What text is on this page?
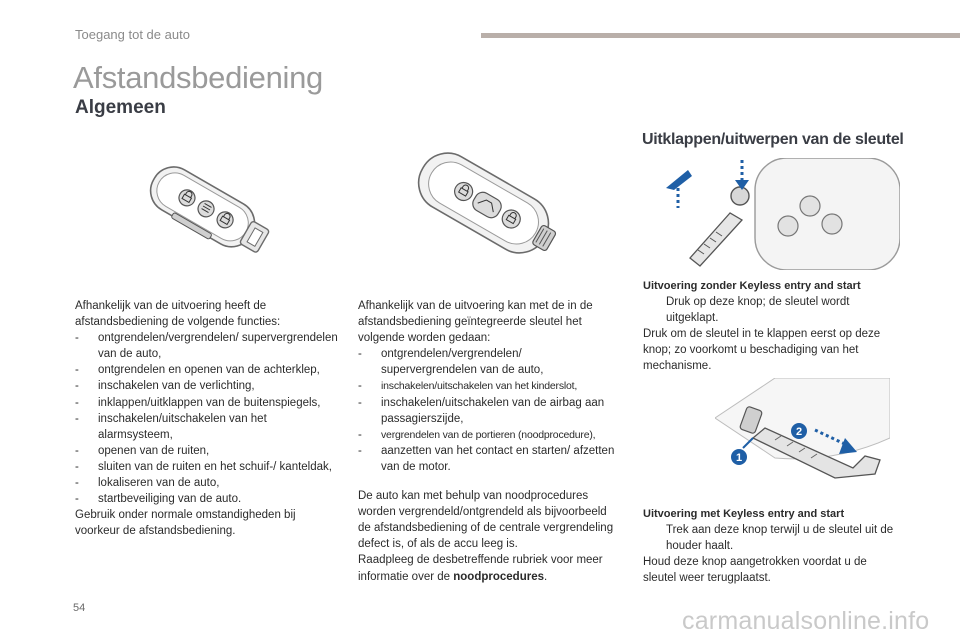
Toegang tot de auto
Afstandsbediening
Algemeen
Uitklappen/uitwerpen van de sleutel
2
1

Afhankelijk van de uitvoering heeft de afstandsbediening de volgende functies:

-	ontgrendelen/vergrendelen/ supervergrendelen van de auto,
-	ontgrendelen en openen van de achterklep,
-	inschakelen van de verlichting,
-	inklappen/uitklappen van de buitenspiegels,
-	inschakelen/uitschakelen van het alarmsysteem,
-	openen van de ruiten,
-	sluiten van de ruiten en het schuif-/ kanteldak,
-	lokaliseren van de auto,
-	startbeveiliging van de auto.

Gebruik onder normale omstandigheden bij voorkeur de afstandsbediening.

Afhankelijk van de uitvoering kan met de in de afstandsbediening geïntegreerde sleutel het volgende worden gedaan:

-	ontgrendelen/vergrendelen/ supervergrendelen van de auto,
-	inschakelen/uitschakelen van het kinderslot,
-	inschakelen/uitschakelen van de airbag aan passagierszijde,
-	vergrendelen van de portieren (noodprocedure),
-	aanzetten van het contact en starten/ afzetten van de motor.

De auto kan met behulp van noodprocedures worden vergrendeld/ontgrendeld als bijvoorbeeld de afstandsbediening of de centrale vergrendeling defect is, of als de accu leeg is.

Raadpleeg de desbetreffende rubriek voor meer informatie over de noodprocedures.

Uitvoering zonder Keyless entry and start

Druk op deze knop; de sleutel wordt uitgeklapt.

Druk om de sleutel in te klappen eerst op deze knop; zo voorkomt u beschadiging van het mechanisme.

Uitvoering met Keyless entry and start

Trek aan deze knop terwijl u de sleutel uit de houder haalt.

Houd deze knop aangetrokken voordat u de sleutel weer terugplaatst.

54	carmanualsonline.info
